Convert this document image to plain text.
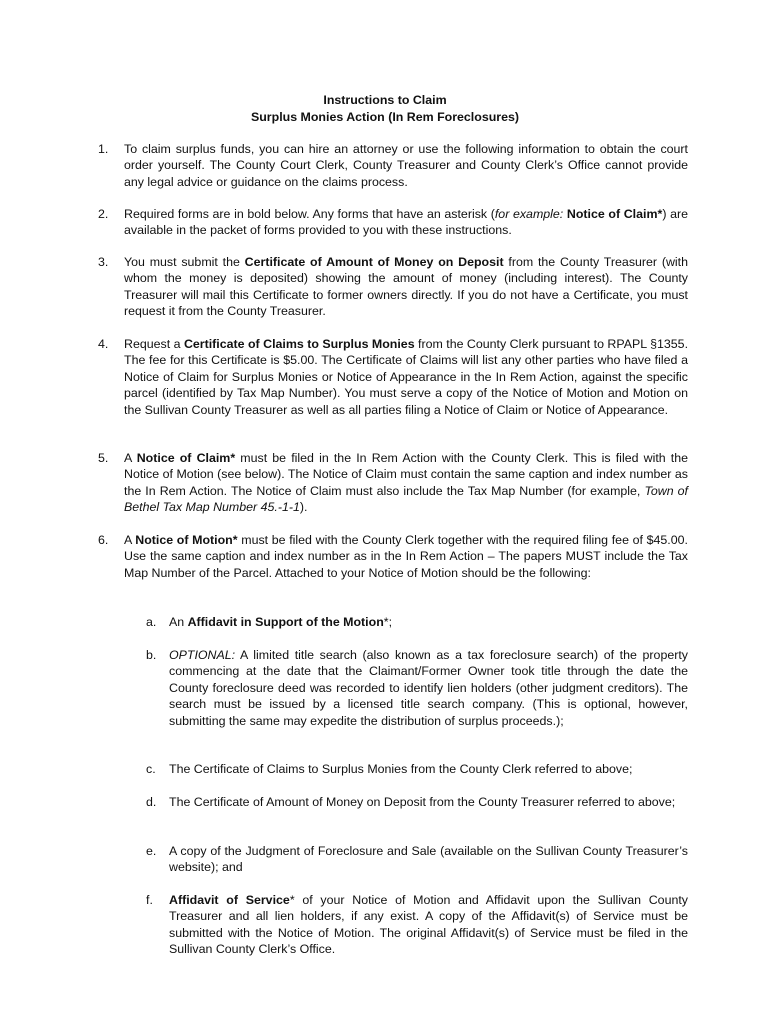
Instructions to Claim
Surplus Monies Action (In Rem Foreclosures)
1.	To claim surplus funds, you can hire an attorney or use the following information to obtain the court order yourself. The County Court Clerk, County Treasurer and County Clerk’s Office cannot provide any legal advice or guidance on the claims process.
2.	Required forms are in bold below. Any forms that have an asterisk (for example: Notice of Claim*) are available in the packet of forms provided to you with these instructions.
3.	You must submit the Certificate of Amount of Money on Deposit from the County Treasurer (with whom the money is deposited) showing the amount of money (including interest). The County Treasurer will mail this Certificate to former owners directly. If you do not have a Certificate, you must request it from the County Treasurer.
4.	Request a Certificate of Claims to Surplus Monies from the County Clerk pursuant to RPAPL §1355. The fee for this Certificate is $5.00. The Certificate of Claims will list any other parties who have filed a Notice of Claim for Surplus Monies or Notice of Appearance in the In Rem Action, against the specific parcel (identified by Tax Map Number). You must serve a copy of the Notice of Motion and Motion on the Sullivan County Treasurer as well as all parties filing a Notice of Claim or Notice of Appearance.
5.	A Notice of Claim* must be filed in the In Rem Action with the County Clerk. This is filed with the Notice of Motion (see below). The Notice of Claim must contain the same caption and index number as the In Rem Action. The Notice of Claim must also include the Tax Map Number (for example, Town of Bethel Tax Map Number 45.-1-1).
6.	A Notice of Motion* must be filed with the County Clerk together with the required filing fee of $45.00. Use the same caption and index number as in the In Rem Action – The papers MUST include the Tax Map Number of the Parcel. Attached to your Notice of Motion should be the following:
a.	An Affidavit in Support of the Motion*;
b.	OPTIONAL: A limited title search (also known as a tax foreclosure search) of the property commencing at the date that the Claimant/Former Owner took title through the date the County foreclosure deed was recorded to identify lien holders (other judgment creditors). The search must be issued by a licensed title search company. (This is optional, however, submitting the same may expedite the distribution of surplus proceeds.);
c.	The Certificate of Claims to Surplus Monies from the County Clerk referred to above;
d.	The Certificate of Amount of Money on Deposit from the County Treasurer referred to above;
e.	A copy of the Judgment of Foreclosure and Sale (available on the Sullivan County Treasurer’s website); and
f.	Affidavit of Service* of your Notice of Motion and Affidavit upon the Sullivan County Treasurer and all lien holders, if any exist. A copy of the Affidavit(s) of Service must be submitted with the Notice of Motion. The original Affidavit(s) of Service must be filed in the Sullivan County Clerk’s Office.
